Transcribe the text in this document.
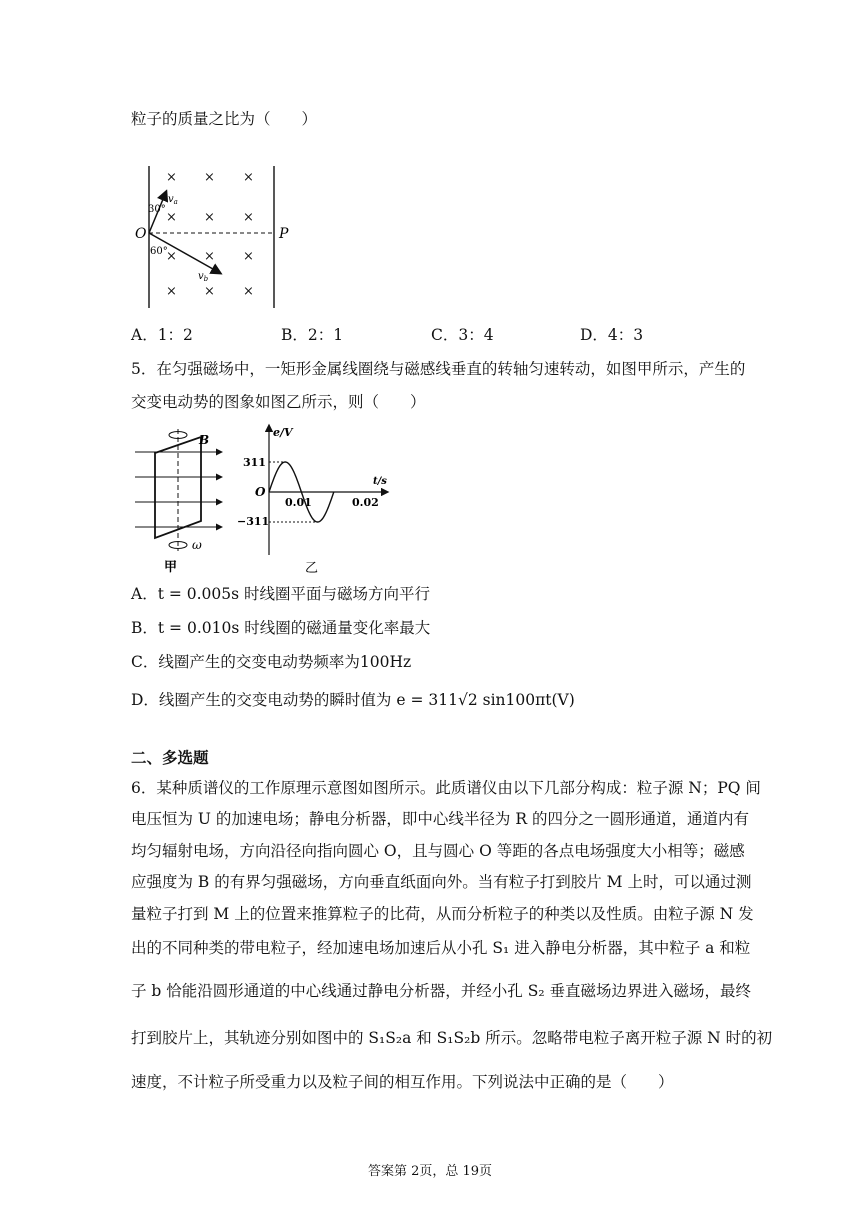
粒子的质量之比为（　　）
× × ×
× × ×
× × ×
× × ×
O	P
30°
60°
$v_a$
$v_b$
A．1：2	B．2：1	C．3：4	D．4：3
5．在匀强磁场中，一矩形金属线圈绕与磁感线垂直的转轴匀速转动，如图甲所示，产生的
交变电动势的图象如图乙所示，则（　　）
B
ω
甲
e/V
t/s
O
311
−311
0.01	0.02
乙
A．t = 0.005s 时线圈平面与磁场方向平行
B．t = 0.010s 时线圈的磁通量变化率最大
C．线圈产生的交变电动势频率为100Hz
D．线圈产生的交变电动势的瞬时值为 e = 311√2 sin100πt(V)
二、多选题
6．某种质谱仪的工作原理示意图如图所示。此质谱仪由以下几部分构成：粒子源 N；PQ 间
电压恒为 U 的加速电场；静电分析器，即中心线半径为 R 的四分之一圆形通道，通道内有
均匀辐射电场，方向沿径向指向圆心 O，且与圆心 O 等距的各点电场强度大小相等；磁感
应强度为 B 的有界匀强磁场，方向垂直纸面向外。当有粒子打到胶片 M 上时，可以通过测
量粒子打到 M 上的位置来推算粒子的比荷，从而分析粒子的种类以及性质。由粒子源 N 发
出的不同种类的带电粒子，经加速电场加速后从小孔 S₁ 进入静电分析器，其中粒子 a 和粒
子 b 恰能沿圆形通道的中心线通过静电分析器，并经小孔 S₂ 垂直磁场边界进入磁场，最终
打到胶片上，其轨迹分别如图中的 S₁S₂a 和 S₁S₂b 所示。忽略带电粒子离开粒子源 N 时的初
速度，不计粒子所受重力以及粒子间的相互作用。下列说法中正确的是（　　）
答案第 2页，总 19页
